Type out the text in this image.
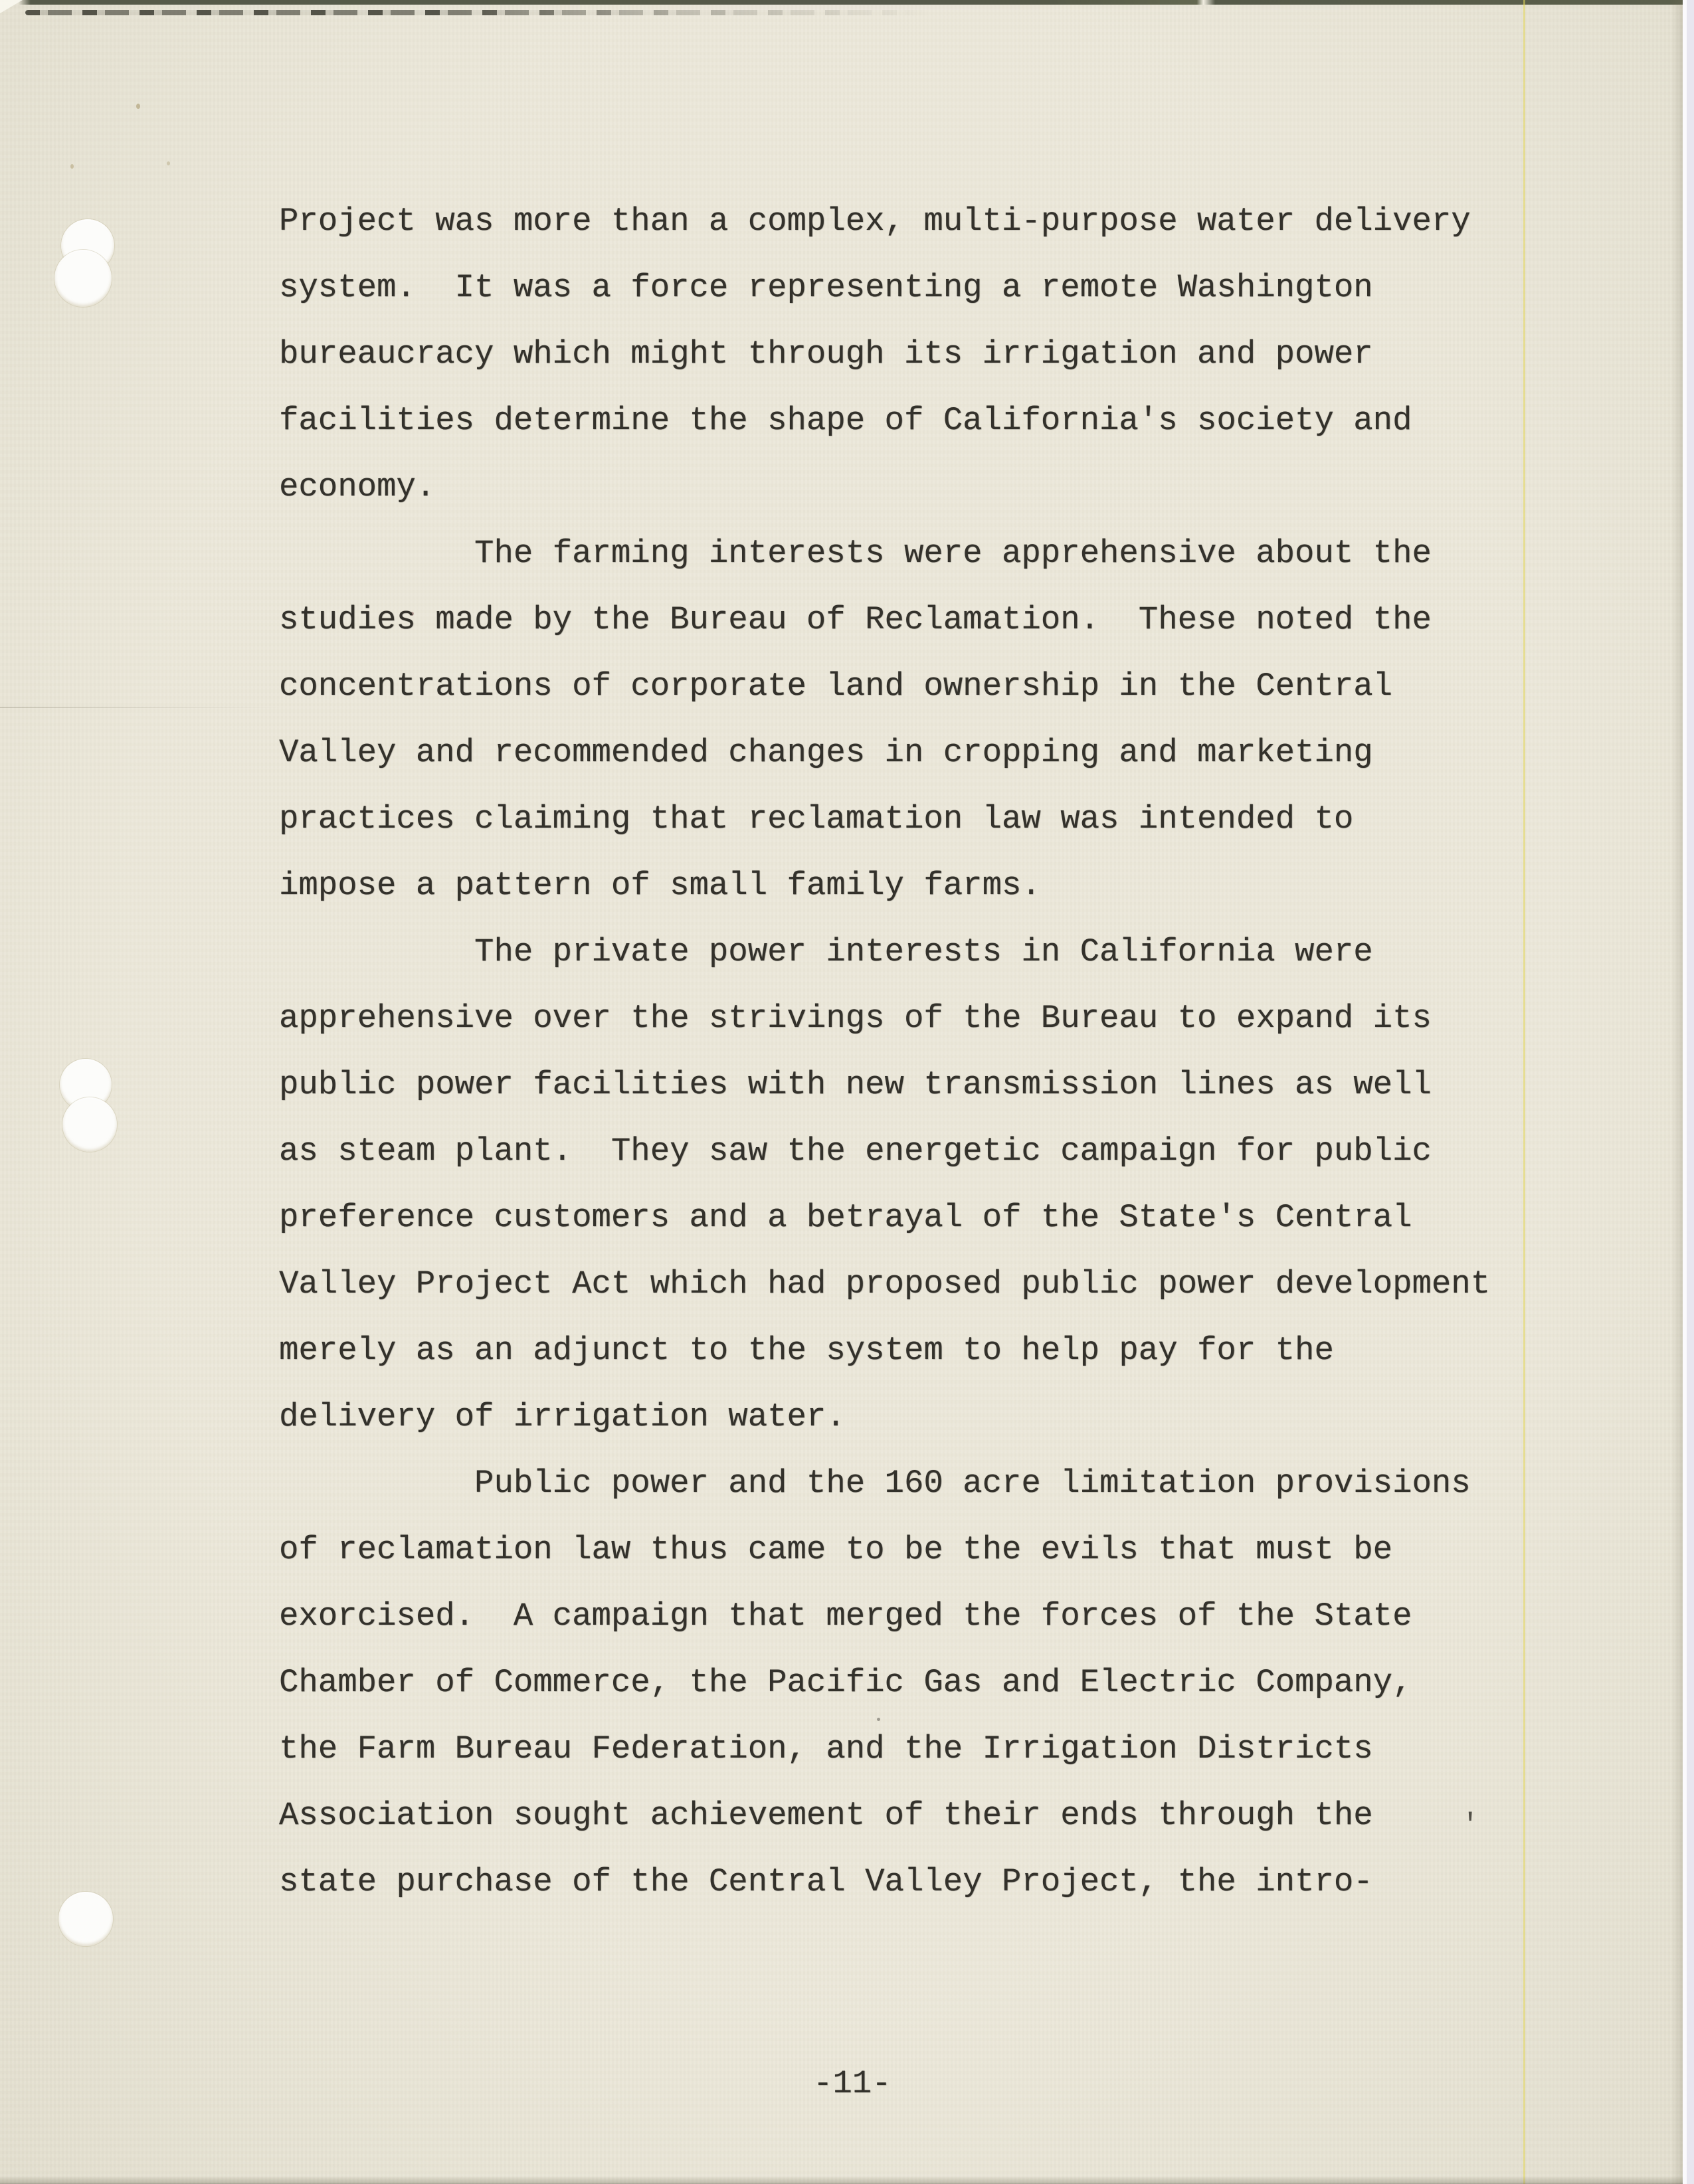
Project was more than a complex, multi-purpose water delivery
system.  It was a force representing a remote Washington
bureaucracy which might through its irrigation and power
facilities determine the shape of California's society and
economy.
The farming interests were apprehensive about the
studies made by the Bureau of Reclamation.  These noted the
concentrations of corporate land ownership in the Central
Valley and recommended changes in cropping and marketing
practices claiming that reclamation law was intended to
impose a pattern of small family farms.
The private power interests in California were
apprehensive over the strivings of the Bureau to expand its
public power facilities with new transmission lines as well
as steam plant.  They saw the energetic campaign for public
preference customers and a betrayal of the State's Central
Valley Project Act which had proposed public power development
merely as an adjunct to the system to help pay for the
delivery of irrigation water.
Public power and the 160 acre limitation provisions
of reclamation law thus came to be the evils that must be
exorcised.  A campaign that merged the forces of the State
Chamber of Commerce, the Pacific Gas and Electric Company,
the Farm Bureau Federation, and the Irrigation Districts
Association sought achievement of their ends through the
state purchase of the Central Valley Project, the intro-
'
-11-
